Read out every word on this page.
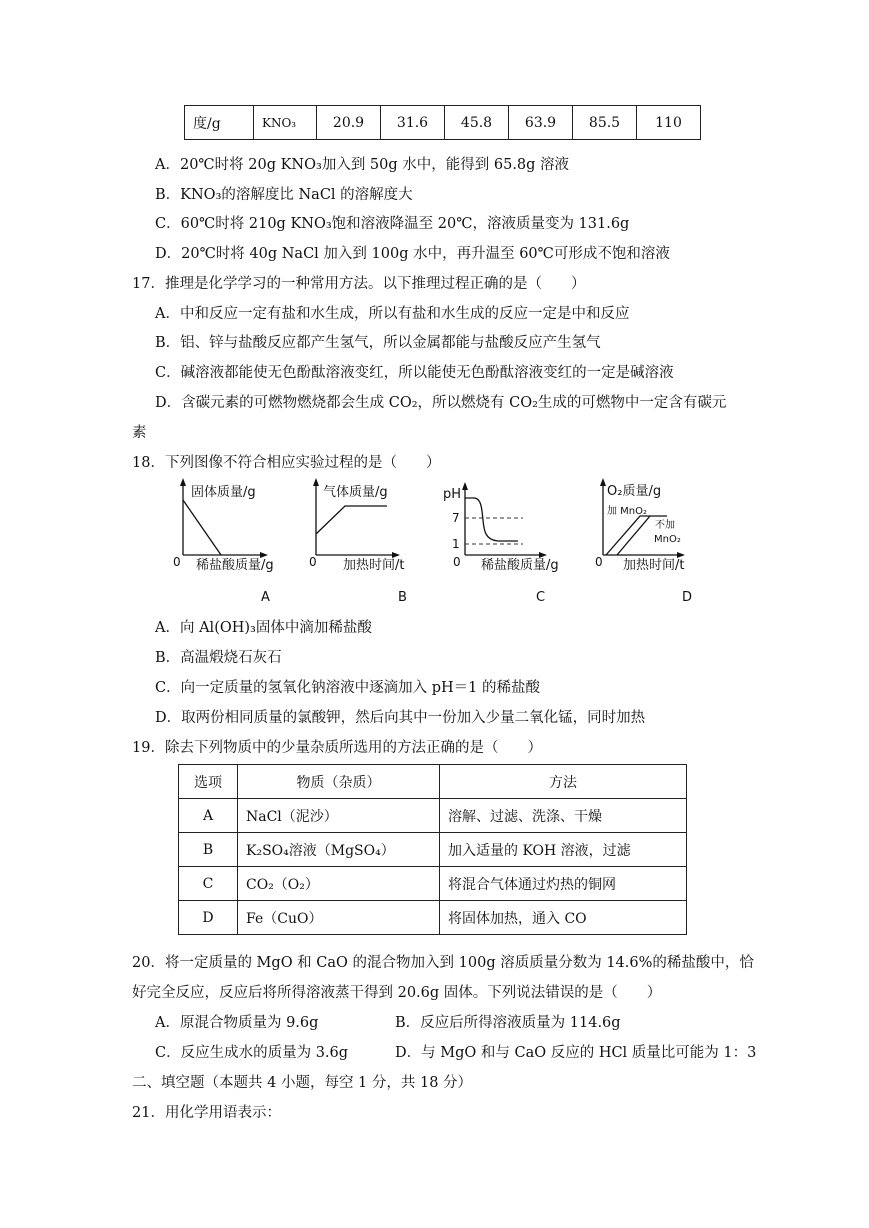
度/g	KNO₃	20.9	31.6	45.8	63.9	85.5	110
A．20℃时将 20g KNO₃加入到 50g 水中，能得到 65.8g 溶液
B．KNO₃的溶解度比 NaCl 的溶解度大
C．60℃时将 210g KNO₃饱和溶液降温至 20℃，溶液质量变为 131.6g
D．20℃时将 40g NaCl 加入到 100g 水中，再升温至 60℃可形成不饱和溶液
17．推理是化学学习的一种常用方法。以下推理过程正确的是（　　）
A．中和反应一定有盐和水生成，所以有盐和水生成的反应一定是中和反应
B．铝、锌与盐酸反应都产生氢气，所以金属都能与盐酸反应产生氢气
C．碱溶液都能使无色酚酞溶液变红，所以能使无色酚酞溶液变红的一定是碱溶液
D．含碳元素的可燃物燃烧都会生成 CO₂，所以燃烧有 CO₂生成的可燃物中一定含有碳元
素
18．下列图像不符合相应实验过程的是（　　）
固体质量/g
0 稀盐酸质量/g
A
气体质量/g
0 加热时间/t
B
pH
7
1
0 稀盐酸质量/g
C
O₂质量/g
加 MnO₂
不加
MnO₂
0 加热时间/t
D
A．向 Al(OH)₃固体中滴加稀盐酸
B．高温煅烧石灰石
C．向一定质量的氢氧化钠溶液中逐滴加入 pH＝1 的稀盐酸
D．取两份相同质量的氯酸钾，然后向其中一份加入少量二氧化锰，同时加热
19．除去下列物质中的少量杂质所选用的方法正确的是（　　）
选项	物质（杂质）	方法
A	NaCl（泥沙）	溶解、过滤、洗涤、干燥
B	K₂SO₄溶液（MgSO₄）	加入适量的 KOH 溶液，过滤
C	CO₂（O₂）	将混合气体通过灼热的铜网
D	Fe（CuO）	将固体加热，通入 CO
20．将一定质量的 MgO 和 CaO 的混合物加入到 100g 溶质质量分数为 14.6%的稀盐酸中，恰
好完全反应，反应后将所得溶液蒸干得到 20.6g 固体。下列说法错误的是（　　）
A．原混合物质量为 9.6g	B．反应后所得溶液质量为 114.6g
C．反应生成水的质量为 3.6g	D．与 MgO 和与 CaO 反应的 HCl 质量比可能为 1：3
二、填空题（本题共 4 小题，每空 1 分，共 18 分）
21．用化学用语表示：
